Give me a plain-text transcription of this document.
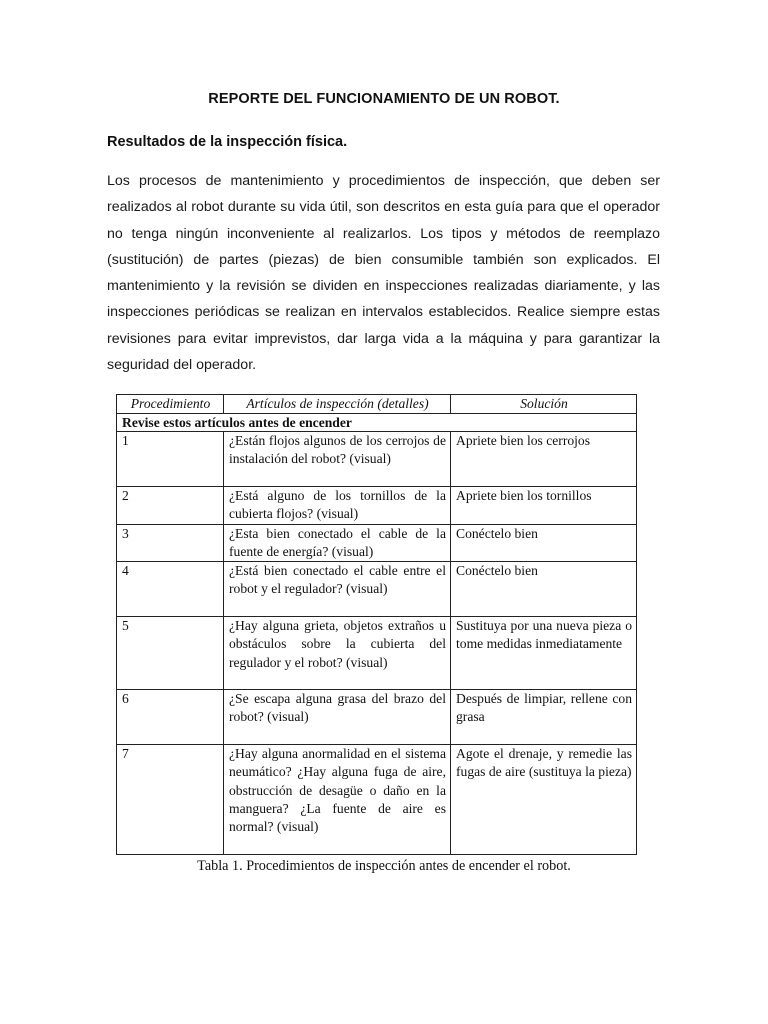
REPORTE DEL FUNCIONAMIENTO DE UN ROBOT.
Resultados de la inspección física.

Los procesos de mantenimiento y procedimientos de inspección, que deben ser realizados al robot durante su vida útil, son descritos en esta guía para que el operador no tenga ningún inconveniente al realizarlos. Los tipos y métodos de reemplazo (sustitución) de partes (piezas) de bien consumible también son explicados. El mantenimiento y la revisión se dividen en inspecciones realizadas diariamente, y las inspecciones periódicas se realizan en intervalos establecidos. Realice siempre estas revisiones para evitar imprevistos, dar larga vida a la máquina y para garantizar la seguridad del operador.

Procedimiento	Artículos de inspección (detalles)	Solución
Revise estos artículos antes de encender		
1	¿Están flojos algunos de los cerrojos de instalación del robot? (visual)	Apriete bien los cerrojos
2	¿Está alguno de los tornillos de la cubierta flojos? (visual)	Apriete bien los tornillos
3	¿Esta bien conectado el cable de la fuente de energía? (visual)	Conéctelo bien
4	¿Está bien conectado el cable entre el robot y el regulador? (visual)	Conéctelo bien
5	¿Hay alguna grieta, objetos extraños u obstáculos sobre la cubierta del regulador y el robot? (visual)	Sustituya por una nueva pieza o tome medidas inmediatamente
6	¿Se escapa alguna grasa del brazo del robot? (visual)	Después de limpiar, rellene con grasa
7	¿Hay alguna anormalidad en el sistema neumático? ¿Hay alguna fuga de aire, obstrucción de desagüe o daño en la manguera? ¿La fuente de aire es normal? (visual)	Agote el drenaje, y remedie las fugas de aire (sustituya la pieza)
Tabla 1. Procedimientos de inspección antes de encender el robot.
